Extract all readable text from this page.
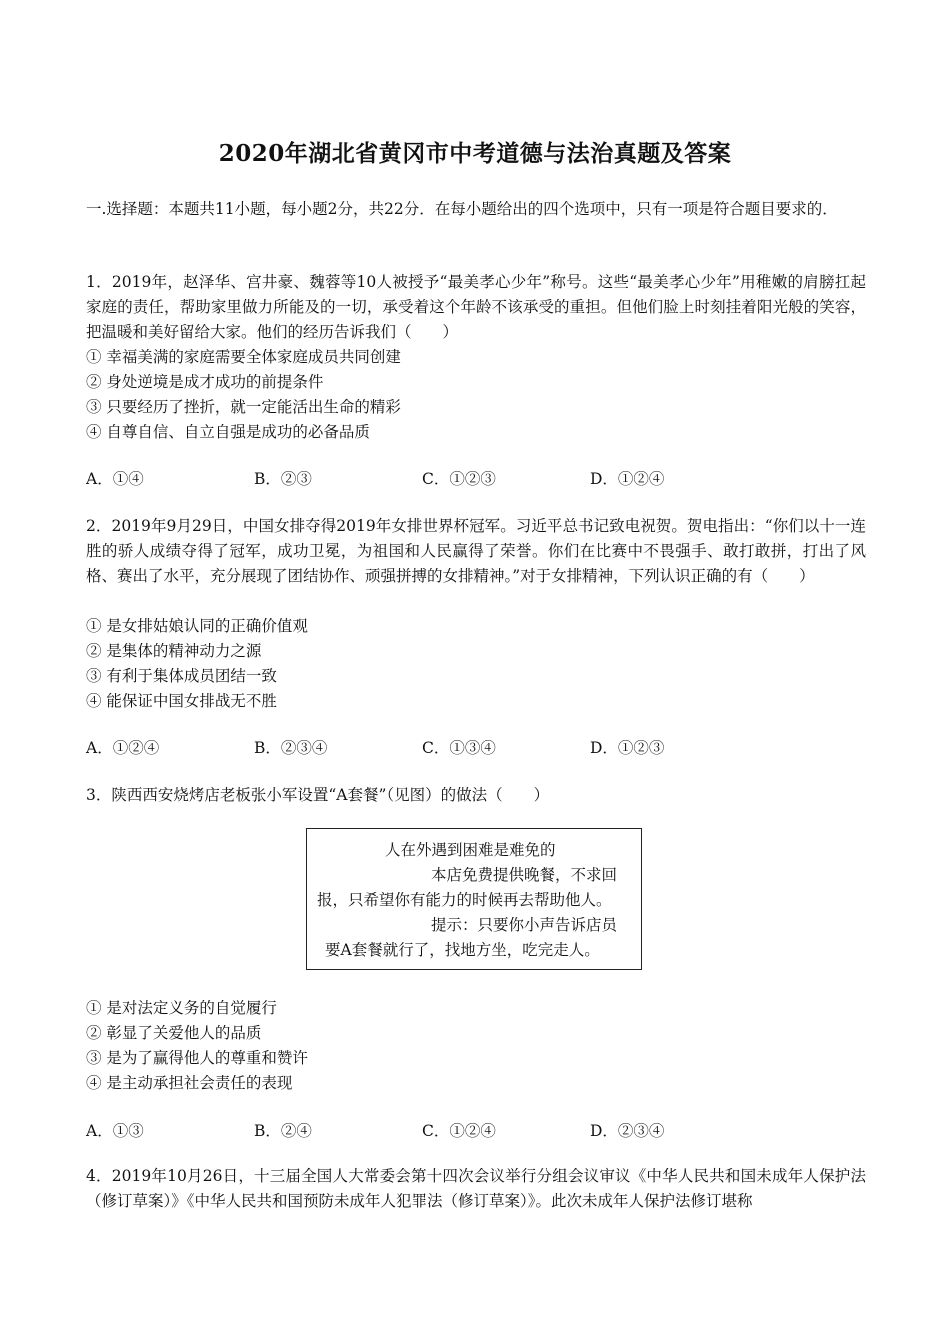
2020年湖北省黄冈市中考道德与法治真题及答案
一.选择题：本题共11小题，每小题2分，共22分．在每小题给出的四个选项中，只有一项是符合题目要求的．
1．2019年，赵泽华、宫井豪、魏蓉等10人被授予“最美孝心少年”称号。这些“最美孝心少年”用稚嫩的肩膀扛起家庭的责任，帮助家里做力所能及的一切，承受着这个年龄不该承受的重担。但他们脸上时刻挂着阳光般的笑容，把温暖和美好留给大家。他们的经历告诉我们（　　）
① 幸福美满的家庭需要全体家庭成员共同创建
② 身处逆境是成才成功的前提条件
③ 只要经历了挫折，就一定能活出生命的精彩
④ 自尊自信、自立自强是成功的必备品质
A．①④	B．②③	C．①②③	D．①②④
2．2019年9月29日，中国女排夺得2019年女排世界杯冠军。习近平总书记致电祝贺。贺电指出：“你们以十一连胜的骄人成绩夺得了冠军，成功卫冕，为祖国和人民赢得了荣誉。你们在比赛中不畏强手、敢打敢拼，打出了风格、赛出了水平，充分展现了团结协作、顽强拼搏的女排精神。”对于女排精神，下列认识正确的有（　　）
① 是女排姑娘认同的正确价值观
② 是集体的精神动力之源
③ 有利于集体成员团结一致
④ 能保证中国女排战无不胜
A．①②④	B．②③④	C．①③④	D．①②③
3．陕西西安烧烤店老板张小军设置“A套餐”（见图）的做法（　　）
人在外遇到困难是难免的
本店免费提供晚餐，不求回
报，只希望你有能力的时候再去帮助他人。
提示：只要你小声告诉店员
要A套餐就行了，找地方坐，吃完走人。
① 是对法定义务的自觉履行
② 彰显了关爱他人的品质
③ 是为了赢得他人的尊重和赞许
④ 是主动承担社会责任的表现
A．①③	B．②④	C．①②④	D．②③④
4．2019年10月26日，十三届全国人大常委会第十四次会议举行分组会议审议《中华人民共和国未成年人保护法（修订草案）》《中华人民共和国预防未成年人犯罪法（修订草案）》。此次未成年人保护法修订堪称
